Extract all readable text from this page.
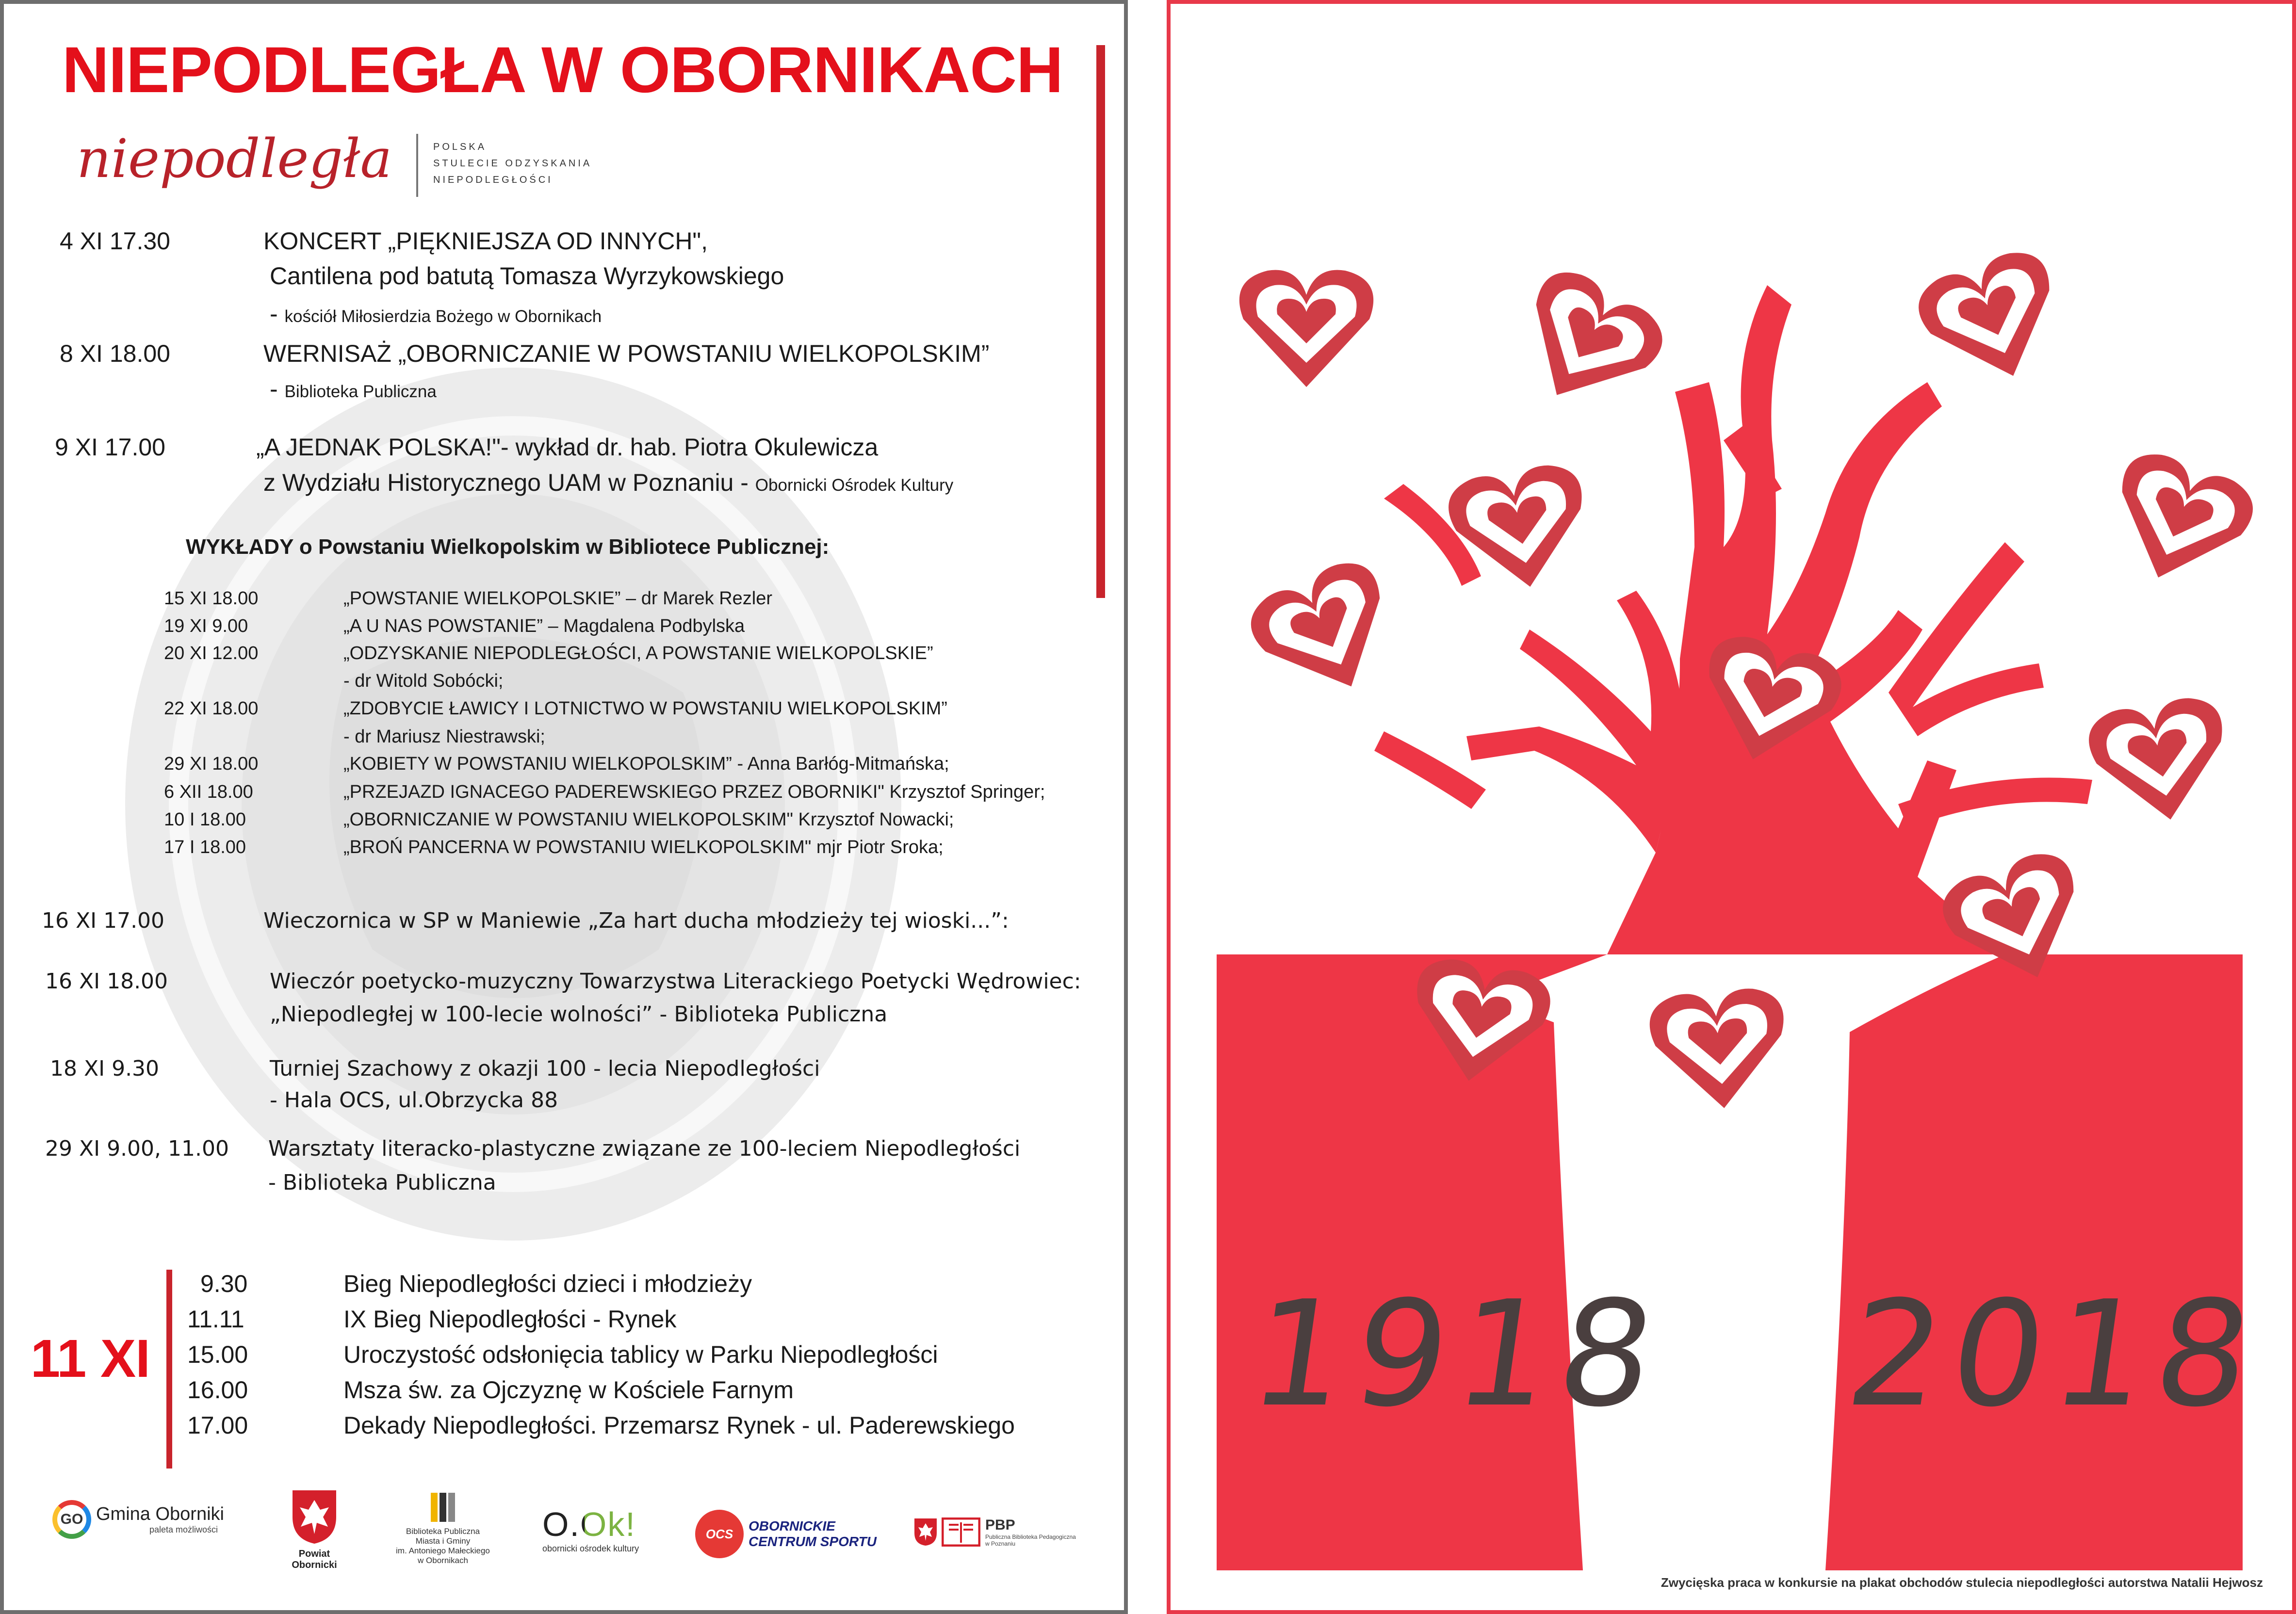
NIEPODLEGŁA W OBORNIKACH
niepodległa	POLSKA
STULECIE ODZYSKANIA
NIEPODLEGŁOŚCI
4 XI 17.30	KONCERT „PIĘKNIEJSZA OD INNYCH",
Cantilena pod batutą Tomasza Wyrzykowskiego
- kościół Miłosierdzia Bożego w Obornikach
8 XI 18.00	WERNISAŻ „OBORNICZANIE W POWSTANIU WIELKOPOLSKIM”
- Biblioteka Publiczna
9 XI 17.00	„A JEDNAK POLSKA!"- wykład dr. hab. Piotra Okulewicza
z Wydziału Historycznego UAM w Poznaniu - Obornicki Ośrodek Kultury
WYKŁADY o Powstaniu Wielkopolskim w Bibliotece Publicznej:
15 XI 18.00	„POWSTANIE WIELKOPOLSKIE” – dr Marek Rezler
19 XI 9.00	„A U NAS POWSTANIE” – Magdalena Podbylska
20 XI 12.00	„ODZYSKANIE NIEPODLEGŁOŚCI, A POWSTANIE WIELKOPOLSKIE”
- dr Witold Sobócki;
22 XI 18.00	„ZDOBYCIE ŁAWICY I LOTNICTWO W POWSTANIU WIELKOPOLSKIM”
- dr Mariusz Niestrawski;
29 XI 18.00	„KOBIETY W POWSTANIU WIELKOPOLSKIM” - Anna Barłóg-Mitmańska;
6 XII 18.00	„PRZEJAZD IGNACEGO PADEREWSKIEGO PRZEZ OBORNIKI" Krzysztof Springer;
10 I 18.00	„OBORNICZANIE W POWSTANIU WIELKOPOLSKIM" Krzysztof Nowacki;
17 I 18.00	„BROŃ PANCERNA W POWSTANIU WIELKOPOLSKIM" mjr Piotr Sroka;
16 XI 17.00	Wieczornica w SP w Maniewie „Za hart ducha młodzieży tej wioski...”:
16 XI 18.00	Wieczór poetycko-muzyczny Towarzystwa Literackiego Poetycki Wędrowiec:
„Niepodległej w 100-lecie wolności” - Biblioteka Publiczna
18 XI 9.30	Turniej Szachowy z okazji 100 - lecia Niepodległości
- Hala OCS, ul.Obrzycka 88
29 XI 9.00, 11.00 Warsztaty literacko-plastyczne związane ze 100-leciem Niepodległości
- Biblioteka Publiczna
11 XI
9.30	Bieg Niepodległości dzieci i młodzieży
11.11	IX Bieg Niepodległości - Rynek
15.00	Uroczystość odsłonięcia tablicy w Parku Niepodległości
16.00	Msza św. za Ojczyznę w Kościele Farnym
17.00	Dekady Niepodległości. Przemarsz Rynek - ul. Paderewskiego
GO Gmina Oborniki
paleta możliwości
Powiat Obornicki
Biblioteka Publiczna
Miasta i Gminy
im. Antoniego Małeckiego
w Obornikach
O.Ok!
obornicki ośrodek kultury
OCS
OBORNICKIE
CENTRUM SPORTU
PBP
Publiczna Biblioteka Pedagogiczna
w Poznaniu
1918 2018
Zwycięska praca w konkursie na plakat obchodów stulecia niepodległości autorstwa Natalii Hejwosz
